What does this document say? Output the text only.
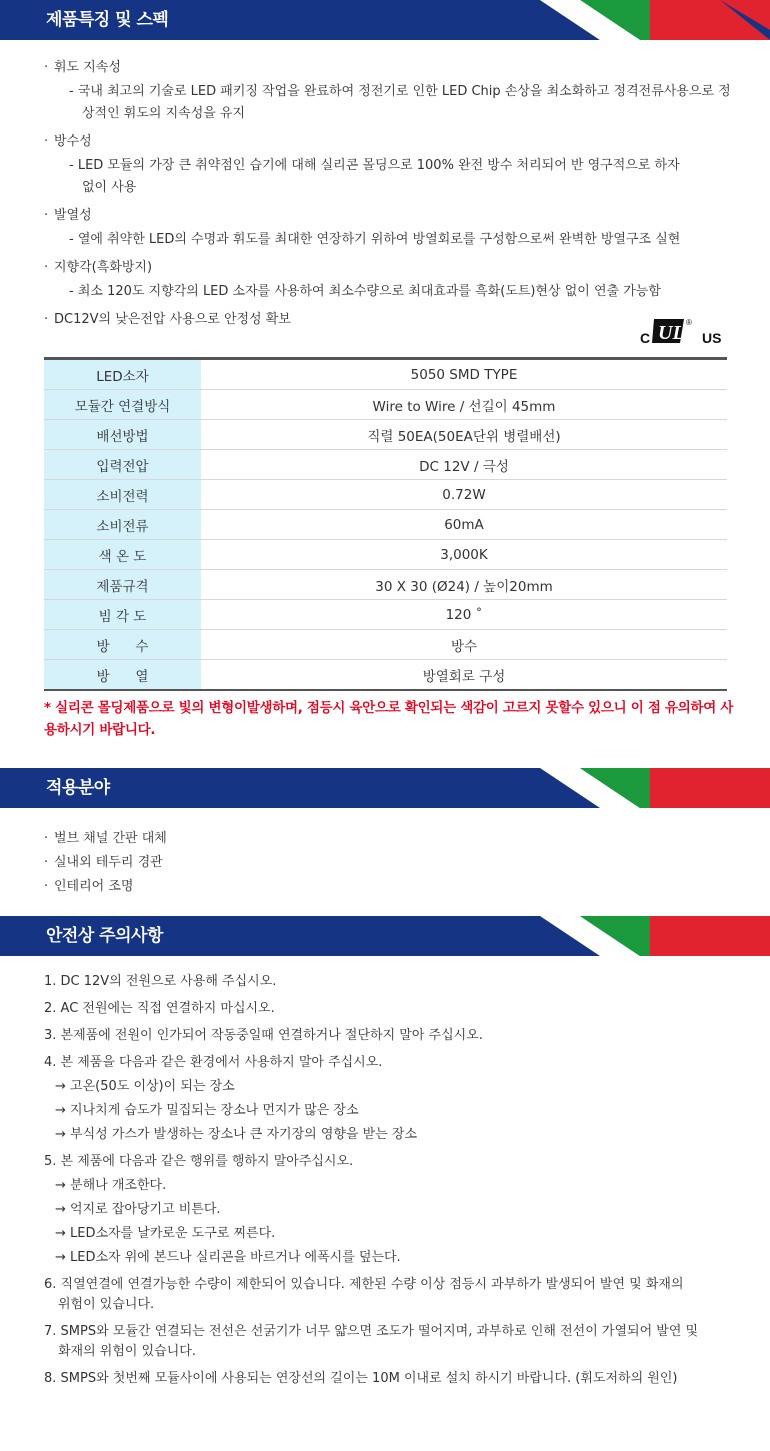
제품특징 및 스펙
· 휘도 지속성
- 국내 최고의 기술로 LED 패키징 작업을 완료하여 정전기로 인한 LED Chip 손상을 최소화하고 정격전류사용으로 정상적인 휘도의 지속성을 유지
· 방수성
- LED 모듈의 가장 큰 취약점인 습기에 대해 실리콘 몰딩으로 100% 완전 방수 처리되어 반 영구적으로 하자 없이 사용
· 발열성
- 열에 취약한 LED의 수명과 휘도를 최대한 연장하기 위하여 방열회로를 구성함으로써 완벽한 방열구조 실현
· 지향각(흑화방지)
- 최소 120도 지향각의 LED 소자를 사용하여 최소수량으로 최대효과를 흑화(도트)현상 없이 연출 가능함
· DC12V의 낮은전압 사용으로 안정성 확보
C UL ®
US
LED소자	5050 SMD TYPE
모듈간 연결방식	Wire to Wire / 선길이 45mm
배선방법	직렬 50EA(50EA단위 병렬배선)
입력전압	DC 12V / 극성
소비전력	0.72W
소비전류	60mA
색 온 도	3,000K
제품규격	30 X 30 (Ø24) / 높이20mm
빔 각 도	120 ˚
방      수	방수
방      열	방열회로 구성
* 실리콘 몰딩제품으로 빛의 변형이발생하며, 점등시 육안으로 확인되는 색감이 고르지 못할수 있으니 이 점 유의하여 사용하시기 바랍니다.
적용분야
· 벌브 채널 간판 대체
· 실내외 테두리 경관
· 인테리어 조명
안전상 주의사항
1. DC 12V의 전원으로 사용해 주십시오.
2. AC 전원에는 직접 연결하지 마십시오.
3. 본제품에 전원이 인가되어 작동중일때 연결하거나 절단하지 말아 주십시오.
4. 본 제품을 다음과 같은 환경에서 사용하지 말아 주십시오.
→ 고온(50도 이상)이 되는 장소
→ 지나치게 습도가 밀집되는 장소나 먼지가 많은 장소
→ 부식성 가스가 발생하는 장소나 큰 자기장의 영향을 받는 장소
5. 본 제품에 다음과 같은 행위를 행하지 말아주십시오.
→ 분해나 개조한다.
→ 억지로 잡아당기고 비튼다.
→ LED소자를 날카로운 도구로 찌른다.
→ LED소자 위에 본드나 실리콘을 바르거나 에폭시를 덮는다.
6. 직열연결에 연결가능한 수량이 제한되어 있습니다. 제한된 수량 이상 점등시 과부하가 발생되어 발연 및 화재의 위험이 있습니다.
7. SMPS와 모듈간 연결되는 전선은 선굵기가 너무 얇으면 조도가 떨어지며, 과부하로 인해 전선이 가열되어 발연 및 화재의 위험이 있습니다.
8. SMPS와 첫번째 모듈사이에 사용되는 연장선의 길이는 10M 이내로 설치 하시기 바랍니다. (휘도저하의 원인)
